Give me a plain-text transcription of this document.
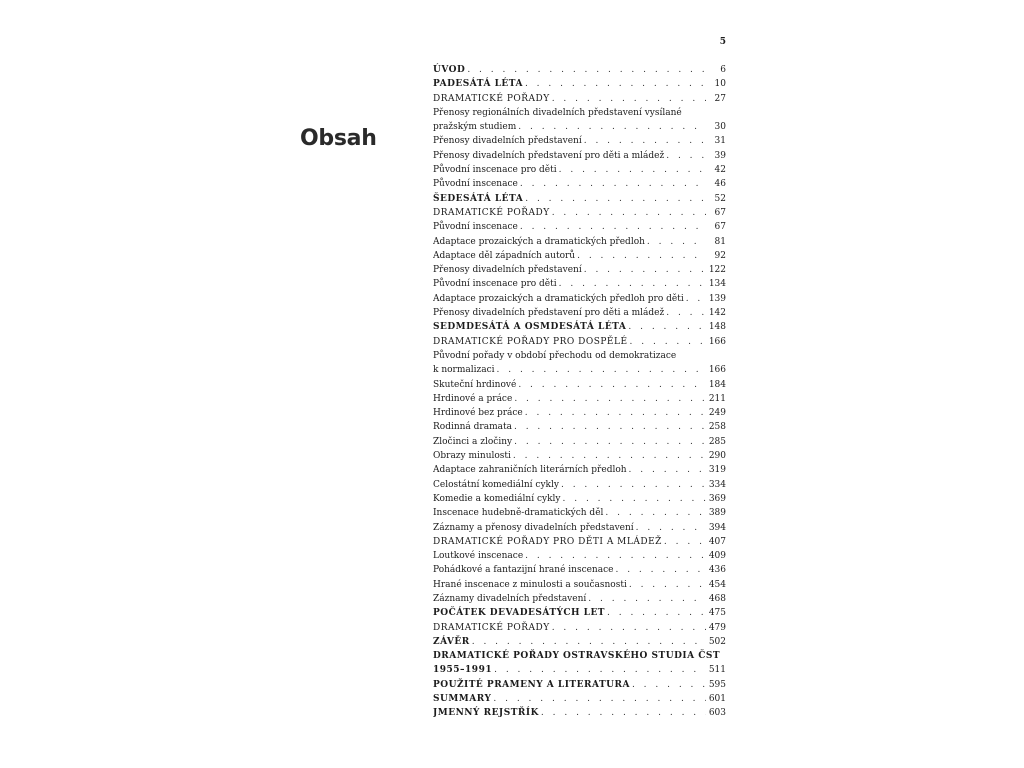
5
Obsah
ÚVOD . . .	6
PADESÁTÁ LÉTA . . .	10
DRAMATICKÉ POŘADY . . .	27
Přenosy regionálních divadelních představení vysílané
pražským studiem . . .	30
Přenosy divadelních představení . . .	31
Přenosy divadelních představení pro děti a mládež . . .	39
Původní inscenace pro děti . . .	42
Původní inscenace . . .	46
ŠEDESÁTÁ LÉTA . . .	52
DRAMATICKÉ POŘADY . . .	67
Původní inscenace . . .	67
Adaptace prozaických a dramatických předloh . . .	81
Adaptace děl západních autorů . . .	92
Přenosy divadelních představení . . .	122
Původní inscenace pro děti . . .	134
Adaptace prozaických a dramatických předloh pro děti . . .	139
Přenosy divadelních představení pro děti a mládež . . .	142
SEDMDESÁTÁ A OSMDESÁTÁ LÉTA . . .	148
DRAMATICKÉ POŘADY PRO DOSPĚLÉ . . .	166
Původní pořady v období přechodu od demokratizace
k normalizaci . . .	166
Skuteční hrdinové . . .	184
Hrdinové a práce . . .	211
Hrdinové bez práce . . .	249
Rodinná dramata . . .	258
Zločinci a zločiny . . .	285
Obrazy minulosti . . .	290
Adaptace zahraničních literárních předloh . . .	319
Celostátní komediální cykly . . .	334
Komedie a komediální cykly . . .	369
Inscenace hudebně-dramatických děl . . .	389
Záznamy a přenosy divadelních představení . . .	394
DRAMATICKÉ POŘADY PRO DĚTI A MLÁDEŽ . . .	407
Loutkové inscenace . . .	409
Pohádkové a fantazijní hrané inscenace . . .	436
Hrané inscenace z minulosti a současnosti . . .	454
Záznamy divadelních představení . . .	468
POČÁTEK DEVADESÁTÝCH LET . . .	475
DRAMATICKÉ POŘADY . . .	479
ZÁVĚR . . .	502
DRAMATICKÉ POŘADY OSTRAVSKÉHO STUDIA ČST
1955–1991 . . .	511
POUŽITÉ PRAMENY A LITERATURA . . .	595
SUMMARY . . .	601
JMENNÝ REJSTŘÍK . . .	603
